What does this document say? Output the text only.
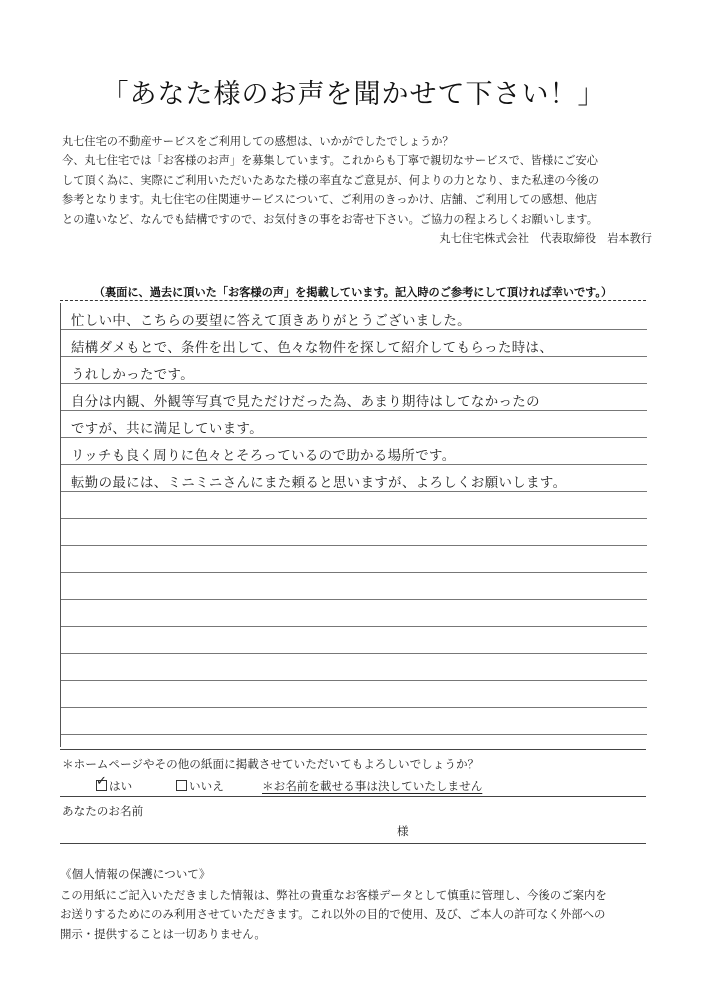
「あなた様のお声を聞かせて下さい！」
丸七住宅の不動産サービスをご利用しての感想は、いかがでしたでしょうか？
今、丸七住宅では「お客様のお声」を募集しています。これからも丁寧で親切なサービスで、皆様にご安心
して頂く為に、実際にご利用いただいたあなた様の率直なご意見が、何よりの力となり、また私達の今後の
参考となります。丸七住宅の住関連サービスについて、ご利用のきっかけ、店舗、ご利用しての感想、他店
との違いなど、なんでも結構ですので、お気付きの事をお寄せ下さい。ご協力の程よろしくお願いします。
丸七住宅株式会社　代表取締役　岩本教行
（裏面に、過去に頂いた「お客様の声」を掲載しています。記入時のご参考にして頂ければ幸いです。）
忙しい中、こちらの要望に答えて頂きありがとうございました。
結構ダメもとで、条件を出して、色々な物件を探して紹介してもらった時は、
うれしかったです。
自分は内観、外観等写真で見ただけだった為、あまり期待はしてなかったの
ですが、共に満足しています。
リッチも良く周りに色々とそろっているので助かる場所です。
転勤の最には、ミニミニさんにまた頼ると思いますが、よろしくお願いします。
＊ホームページやその他の紙面に掲載させていただいてもよろしいでしょうか？
✓ はい	いいえ	＊お名前を載せる事は決していたしません
あなたのお名前
様
《個人情報の保護について》
この用紙にご記入いただきました情報は、弊社の貴重なお客様データとして慎重に管理し、今後のご案内を
お送りするためにのみ利用させていただきます。これ以外の目的で使用、及び、ご本人の許可なく外部への
開示・提供することは一切ありません。
